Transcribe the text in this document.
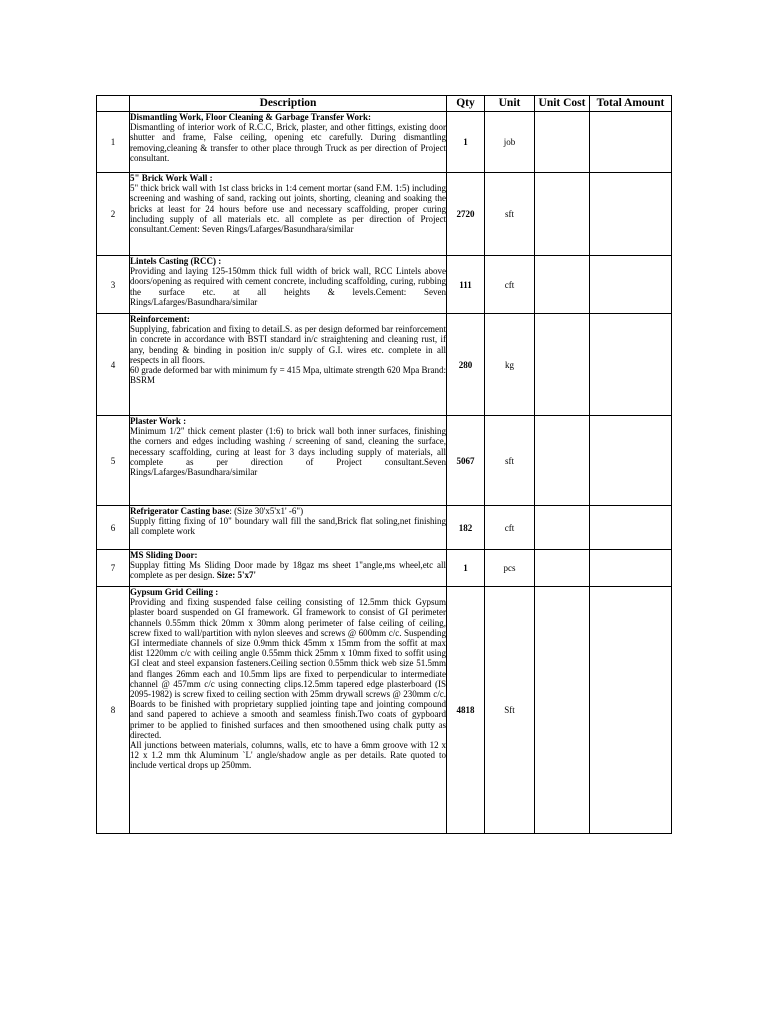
	Description	Qty	Unit	Unit Cost	Total Amount
1	Dismantling Work, Floor Cleaning & Garbage Transfer Work:
Dismantling of interior work of R.C.C, Brick, plaster, and other fittings, existing door shutter and frame, False ceiling, opening etc carefully. During dismantling removing,cleaning & transfer to other place through Truck as per direction of Project consultant.	1	job		
2	5" Brick Work Wall :
5" thick brick wall with 1st class bricks in 1:4 cement mortar (sand F.M. 1:5) including screening and washing of sand, racking out joints, shorting, cleaning and soaking the bricks at least for 24 hours before use and necessary scaffolding, proper curing including supply of all materials etc. all complete as per direction of Project consultant.Cement: Seven Rings/Lafarges/Basundhara/similar	2720	sft		
3	Lintels Casting (RCC) :
Providing and laying 125-150mm thick full width of brick wall, RCC Lintels above doors/opening as required with cement concrete, including scaffolding, curing, rubbing the surface etc. at all heights & levels.Cement: Seven Rings/Lafarges/Basundhara/similar	111	cft		
4	Reinforcement:
Supplying, fabrication and fixing to detaiLS. as per design deformed bar reinforcement in concrete in accordance with BSTI standard in/c straightening and cleaning rust, if any, bending & binding in position in/c supply of G.I. wires etc. complete in all respects in all floors.
60 grade deformed bar with minimum fy = 415 Mpa, ultimate strength 620 Mpa Brand: BSRM	280	kg		
5	Plaster Work :
Minimum 1/2" thick cement plaster (1:6) to brick wall both inner surfaces, finishing the corners and edges including washing / screening of sand, cleaning the surface, necessary scaffolding, curing at least for 3 days including supply of materials, all complete as per direction of Project consultant.Seven Rings/Lafarges/Basundhara/similar	5067	sft		
6	Refrigerator Casting base: (Size 30'x5'x1' -6")
Supply fitting fixing of 10" boundary wall fill the sand,Brick flat soling,net finishing all complete work	182	cft		
7	MS Sliding Door:
Supplay fitting Ms Sliding Door made by 18gaz ms sheet 1"angle,ms wheel,etc all complete as per design. Size: 5'x7'	1	pcs		
8	Gypsum Grid Ceiling :
Providing and fixing suspended false ceiling consisting of 12.5mm thick Gypsum plaster board suspended on GI framework. GI framework to consist of GI perimeter channels 0.55mm thick 20mm x 30mm along perimeter of false ceiling of ceiling, screw fixed to wall/partition with nylon sleeves and screws @ 600mm c/c. Suspending GI intermediate channels of size 0.9mm thick 45mm x 15mm from the soffit at max dist 1220mm c/c with ceiling angle 0.55mm thick 25mm x 10mm fixed to soffit using GI cleat and steel expansion fasteners.Ceiling section 0.55mm thick web size 51.5mm and flanges 26mm each and 10.5mm lips are fixed to perpendicular to intermediate channel @ 457mm c/c using connecting clips.12.5mm tapered edge plasterboard (IS 2095-1982) is screw fixed to ceiling section with 25mm drywall screws @ 230mm c/c. Boards to be finished with proprietary supplied jointing tape and jointing compound and sand papered to achieve a smooth and seamless finish.Two coats of gypboard primer to be applied to finished surfaces and then smoothened using chalk putty as directed.
All junctions between materials, columns, walls, etc to have a 6mm groove with 12 x 12 x 1.2 mm thk Aluminum `L' angle/shadow angle as per details. Rate quoted to include vertical drops up 250mm.	4818	Sft		
